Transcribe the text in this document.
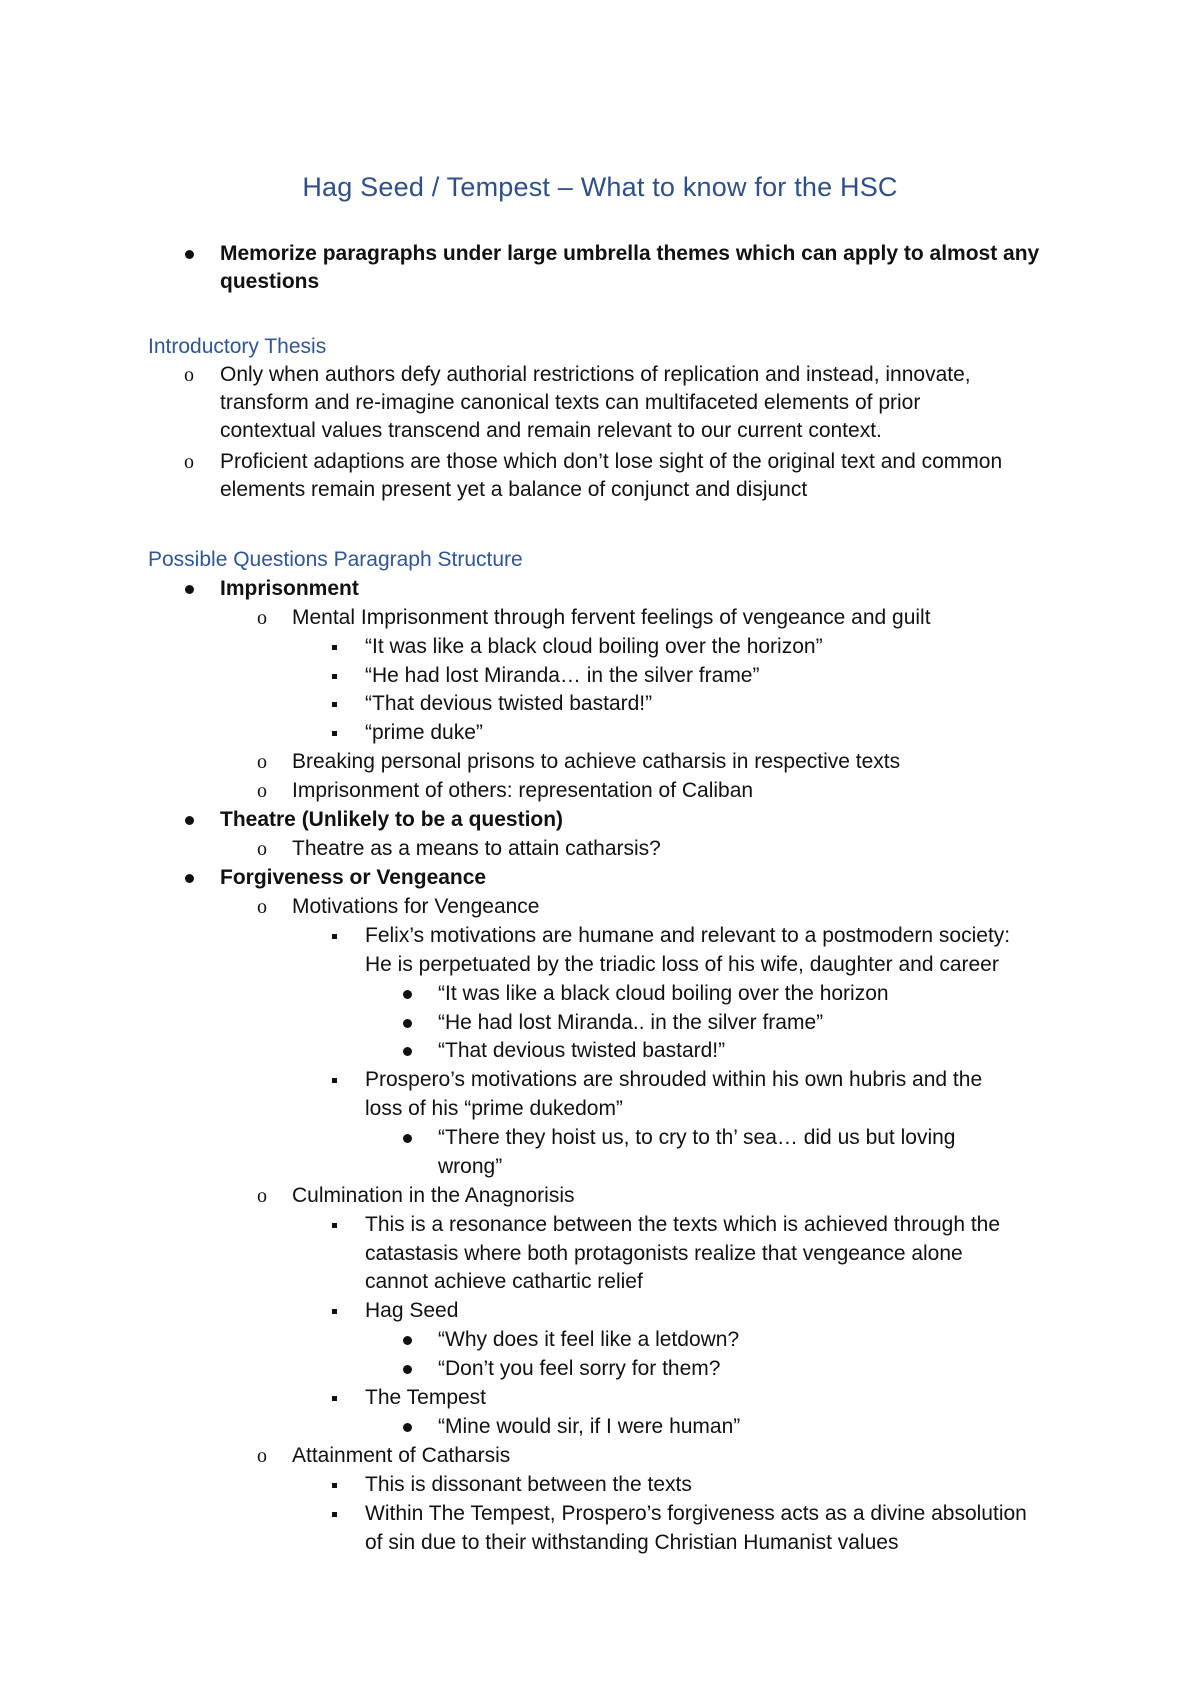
Hag Seed / Tempest – What to know for the HSC
Memorize paragraphs under large umbrella themes which can apply to almost any
questions
Introductory Thesis
o Only when authors defy authorial restrictions of replication and instead, innovate,
transform and re-imagine canonical texts can multifaceted elements of prior
contextual values transcend and remain relevant to our current context.
o Proficient adaptions are those which don’t lose sight of the original text and common
elements remain present yet a balance of conjunct and disjunct
Possible Questions Paragraph Structure
Imprisonment
o Mental Imprisonment through fervent feelings of vengeance and guilt
“It was like a black cloud boiling over the horizon”
“He had lost Miranda… in the silver frame”
“That devious twisted bastard!”
“prime duke”
o Breaking personal prisons to achieve catharsis in respective texts
o Imprisonment of others: representation of Caliban
Theatre (Unlikely to be a question)
o Theatre as a means to attain catharsis?
Forgiveness or Vengeance
o Motivations for Vengeance
Felix’s motivations are humane and relevant to a postmodern society:
He is perpetuated by the triadic loss of his wife, daughter and career
“It was like a black cloud boiling over the horizon
“He had lost Miranda.. in the silver frame”
“That devious twisted bastard!”
Prospero’s motivations are shrouded within his own hubris and the
loss of his “prime dukedom”
“There they hoist us, to cry to th’ sea… did us but loving
wrong”
o Culmination in the Anagnorisis
This is a resonance between the texts which is achieved through the
catastasis where both protagonists realize that vengeance alone
cannot achieve cathartic relief
Hag Seed
“Why does it feel like a letdown?
“Don’t you feel sorry for them?
The Tempest
“Mine would sir, if I were human”
o Attainment of Catharsis
This is dissonant between the texts
Within The Tempest, Prospero’s forgiveness acts as a divine absolution
of sin due to their withstanding Christian Humanist values
